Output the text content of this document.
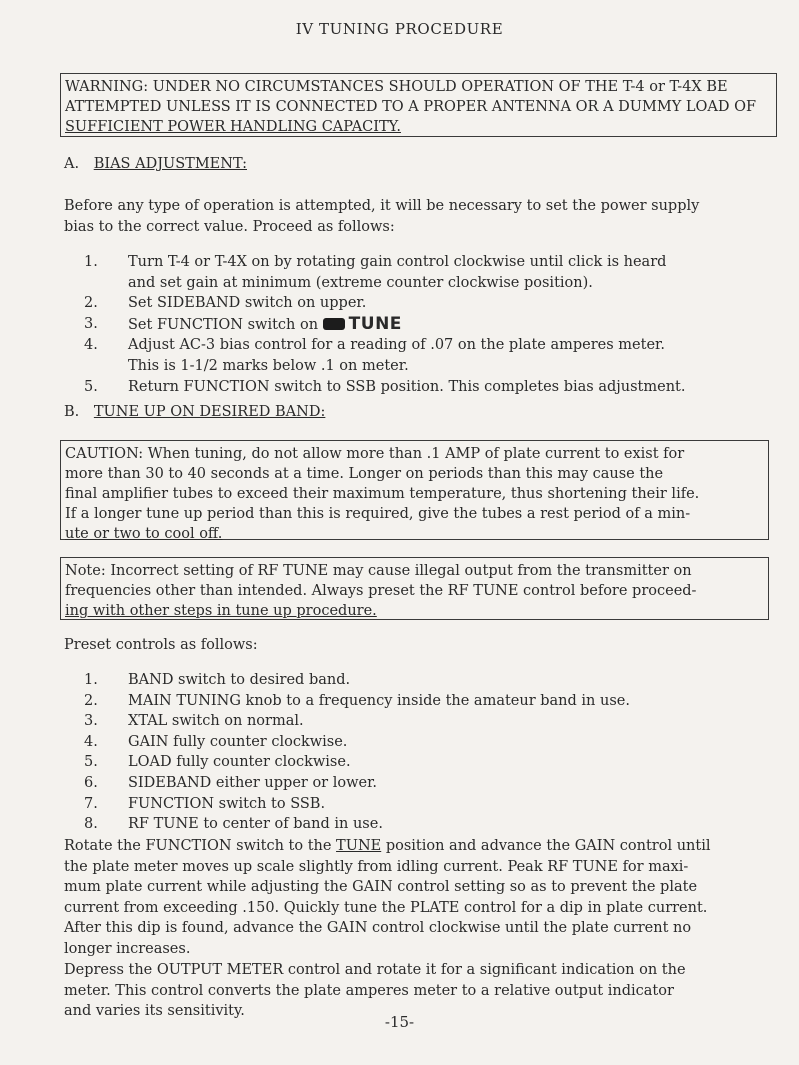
IV TUNING PROCEDURE
WARNING: UNDER NO CIRCUMSTANCES SHOULD OPERATION OF THE T-4 or T-4X BE
ATTEMPTED UNLESS IT IS CONNECTED TO A PROPER ANTENNA OR A DUMMY LOAD OF
SUFFICIENT POWER HANDLING CAPACITY.
A. BIAS ADJUSTMENT:
Before any type of operation is attempted, it will be necessary to set the power supply
bias to the correct value. Proceed as follows:
1. Turn T-4 or T-4X on by rotating gain control clockwise until click is heard
and set gain at minimum (extreme counter clockwise position).
2. Set SIDEBAND switch on upper.
3. Set FUNCTION switch on TUNE
4. Adjust AC-3 bias control for a reading of .07 on the plate amperes meter.
This is 1-1/2 marks below .1 on meter.
5. Return FUNCTION switch to SSB position. This completes bias adjustment.
B. TUNE UP ON DESIRED BAND:
CAUTION: When tuning, do not allow more than .1 AMP of plate current to exist for
more than 30 to 40 seconds at a time. Longer on periods than this may cause the
final amplifier tubes to exceed their maximum temperature, thus shortening their life.
If a longer tune up period than this is required, give the tubes a rest period of a min-
ute or two to cool off.
Note: Incorrect setting of RF TUNE may cause illegal output from the transmitter on
frequencies other than intended. Always preset the RF TUNE control before proceed-
ing with other steps in tune up procedure.
Preset controls as follows:
1. BAND switch to desired band.
2. MAIN TUNING knob to a frequency inside the amateur band in use.
3. XTAL switch on normal.
4. GAIN fully counter clockwise.
5. LOAD fully counter clockwise.
6. SIDEBAND either upper or lower.
7. FUNCTION switch to SSB.
8. RF TUNE to center of band in use.
Rotate the FUNCTION switch to the TUNE position and advance the GAIN control until
the plate meter moves up scale slightly from idling current. Peak RF TUNE for maxi-
mum plate current while adjusting the GAIN control setting so as to prevent the plate
current from exceeding .150. Quickly tune the PLATE control for a dip in plate current.
After this dip is found, advance the GAIN control clockwise until the plate current no
longer increases.
Depress the OUTPUT METER control and rotate it for a significant indication on the
meter. This control converts the plate amperes meter to a relative output indicator
and varies its sensitivity.
-15-
